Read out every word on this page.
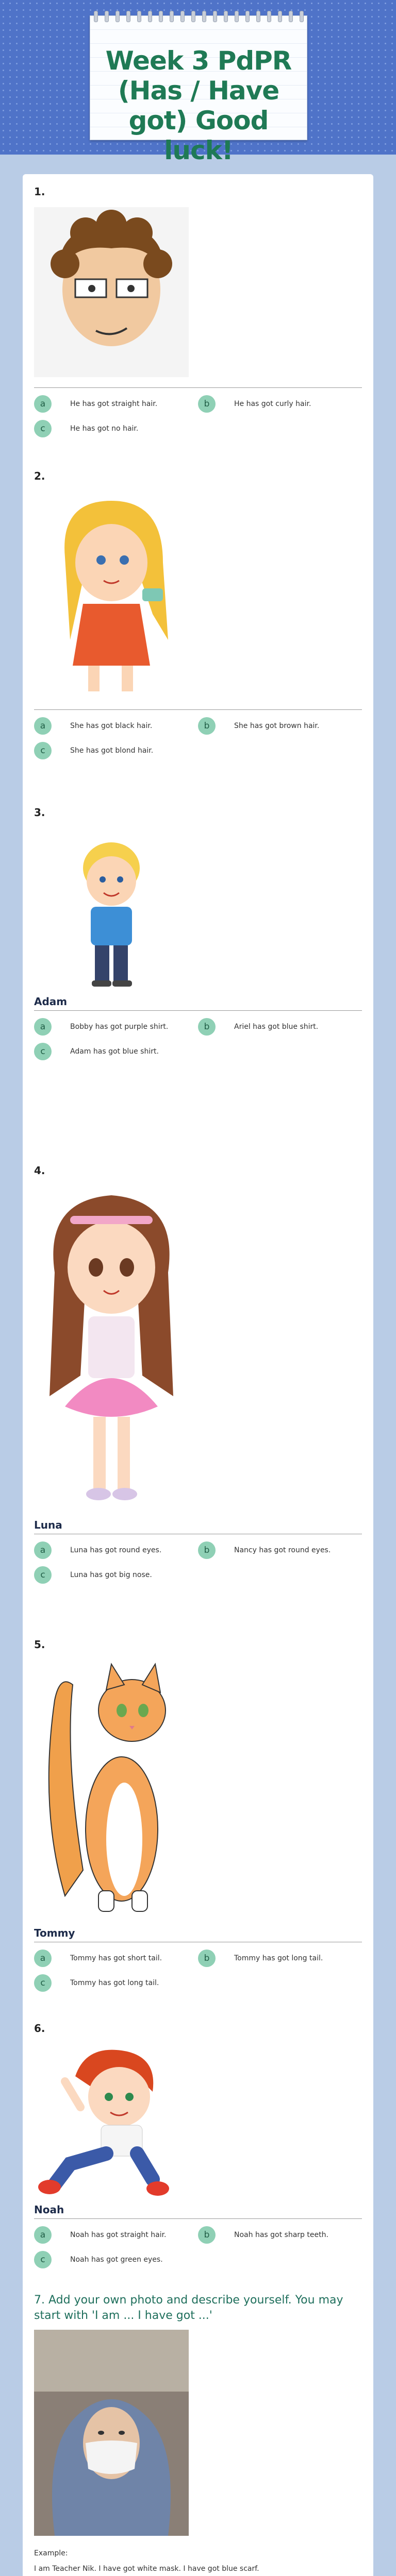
Week 3 PdPR (Has / Have got) Good luck!
1.
a	He has got straight hair.	b	He has got curly hair.
c	He has got no hair.
2.
a	She has got black hair.	b	She has got brown hair.
c	She has got blond hair.
3.
Adam
a	Bobby has got purple shirt.	b	Ariel has got blue shirt.
c	Adam has got blue shirt.
4.
Luna
a	Luna has got round eyes.	b	Nancy has got round eyes.
c	Luna has got big nose.
5.
Tommy
a	Tommy has got short tail.	b	Tommy has got long tail.
c	Tommy has got long tail.
6.
Noah
a	Noah has got straight hair.	b	Noah has got sharp teeth.
c	Noah has got green eyes.
7. Add your own photo and describe yourself. You may start with 'I am ... I have got ...'
Example:
I am Teacher Nik. I have got white mask. I have got blue scarf.
